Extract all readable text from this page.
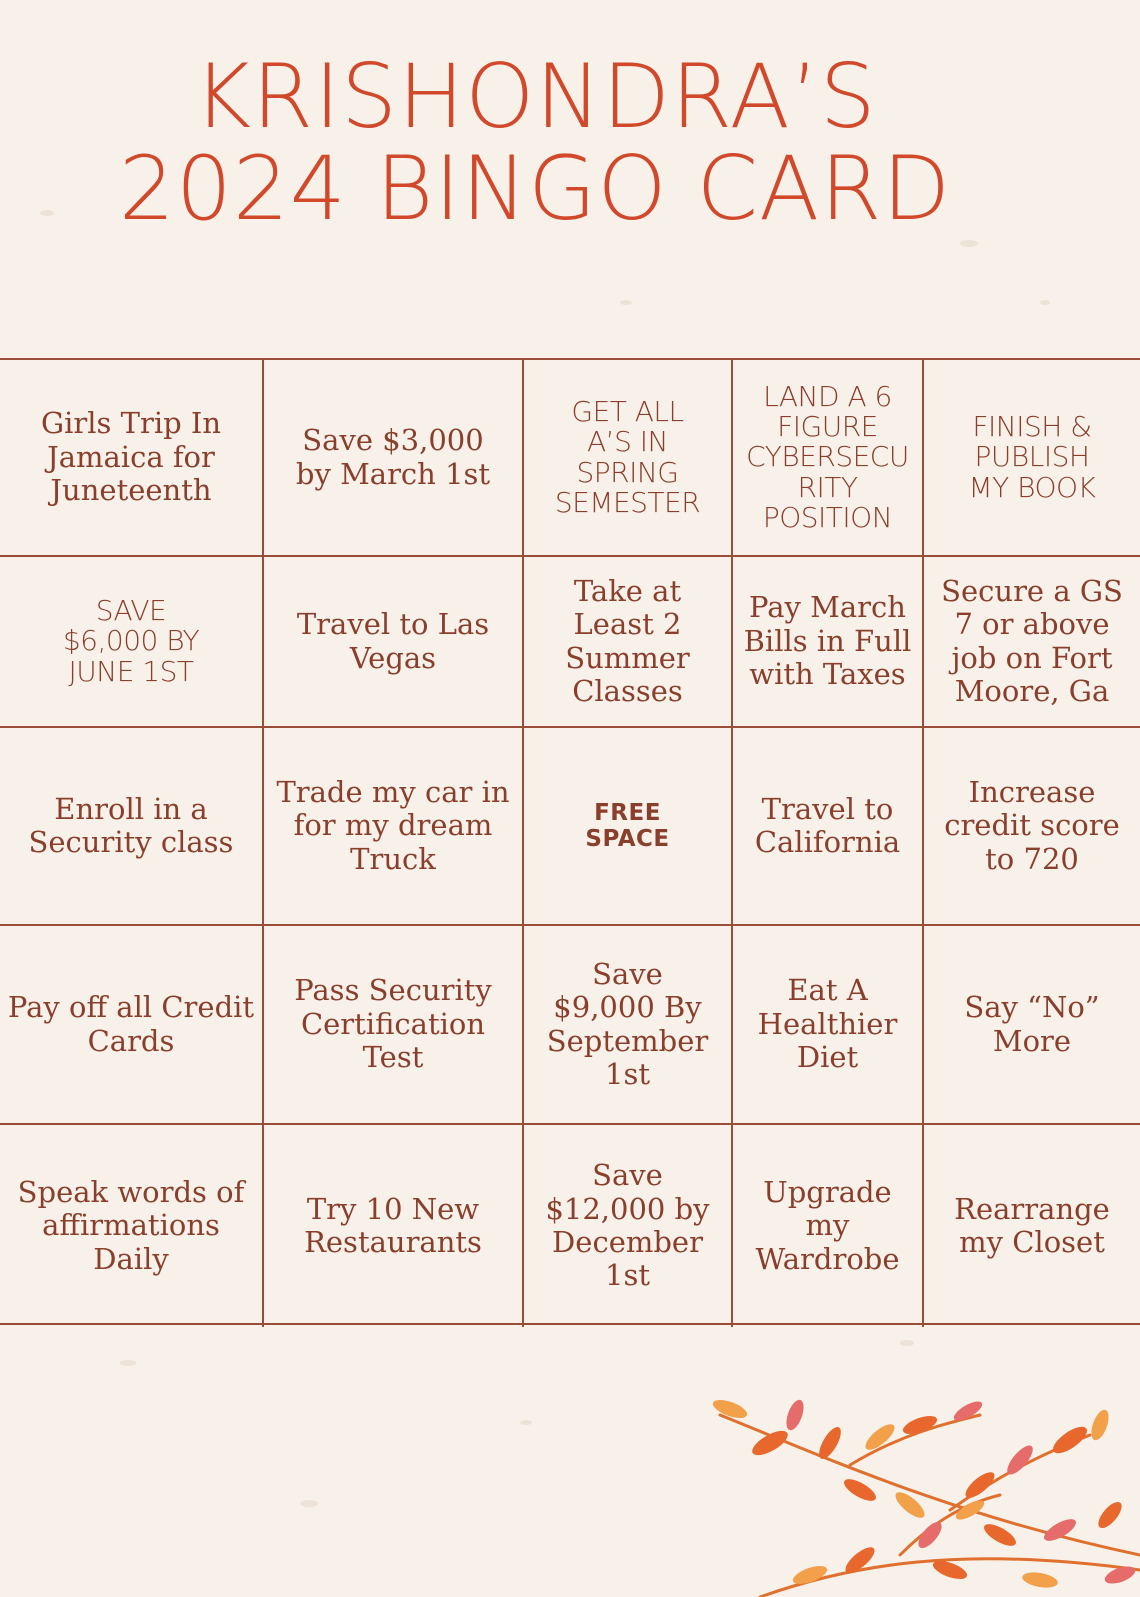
KRISHONDRA’S
2024 BINGO CARD
Girls Trip In
Jamaica for
Juneteenth
Save $3,000
by March 1st
GET ALL
A’S IN
SPRING
SEMESTER
LAND A 6
FIGURE
CYBERSECU
RITY
POSITION
FINISH &
PUBLISH
MY BOOK
SAVE
$6,000 BY
JUNE 1ST
Travel to Las
Vegas
Take at
Least 2
Summer
Classes
Pay March
Bills in Full
with Taxes
Secure a GS
7 or above
job on Fort
Moore, Ga
Enroll in a
Security class
Trade my car in
for my dream
Truck
FREE
SPACE
Travel to
California
Increase
credit score
to 720
Pay off all Credit
Cards
Pass Security
Certification
Test
Save
$9,000 By
September
1st
Eat A
Healthier
Diet
Say “No”
More
Speak words of
affirmations
Daily
Try 10 New
Restaurants
Save
$12,000 by
December
1st
Upgrade
my
Wardrobe
Rearrange
my Closet
